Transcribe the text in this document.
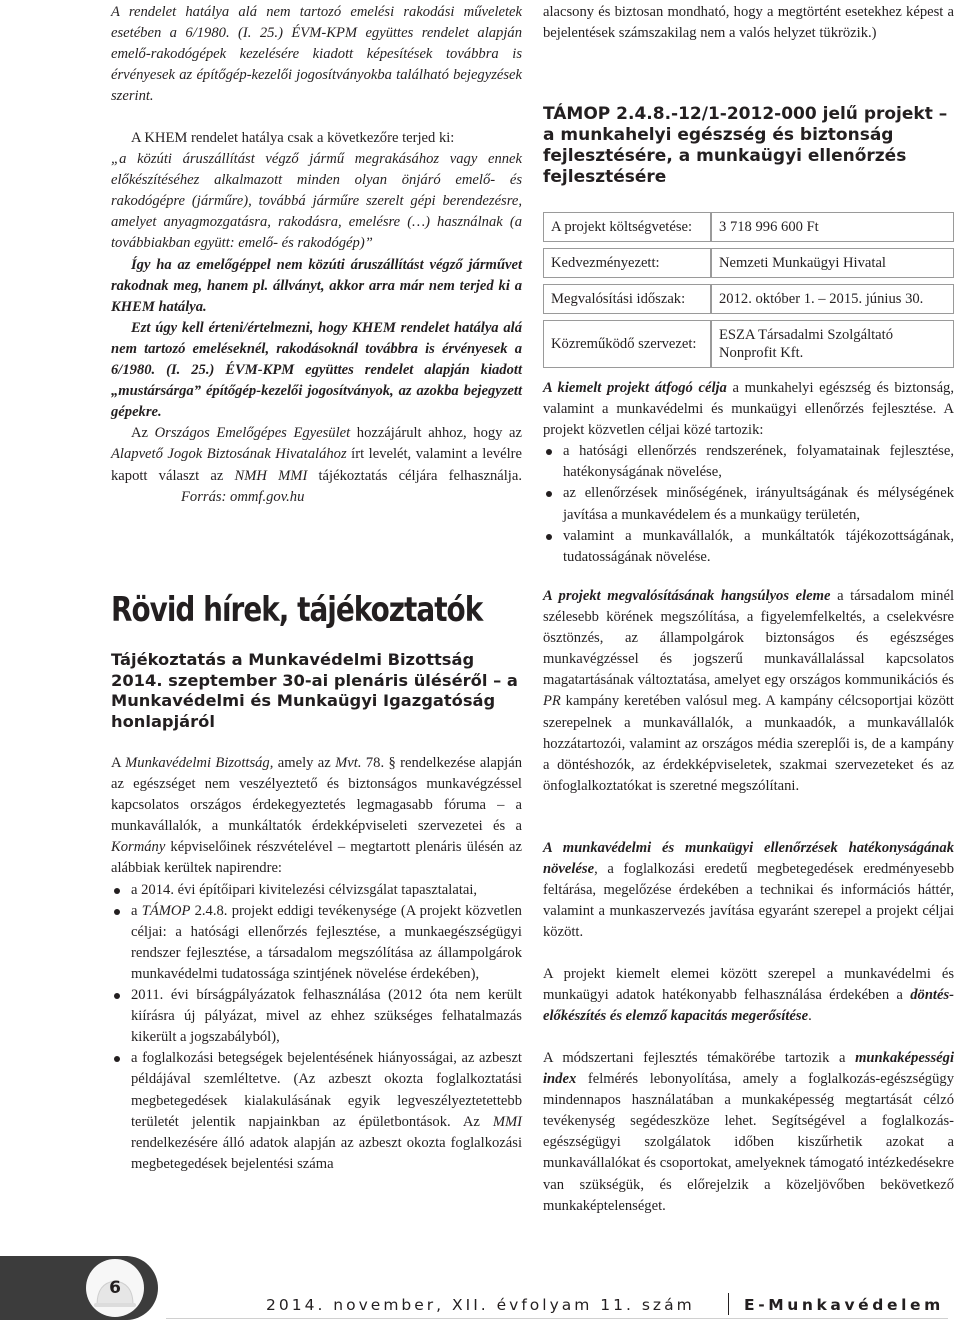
A rendelet hatálya alá nem tartozó emelési rakodási műveletek esetében a 6/1980. (I. 25.) ÉVM-KPM együttes rendelet alapján emelő-rakodógépek kezelésére kiadott képesítések továbbra is érvényesek az építőgép-kezelői jogosítványokba található bejegyzések szerint.

A KHEM rendelet hatálya csak a következőre terjed ki:

„a közúti áruszállítást végző jármű megrakásához vagy ennek előkészítéséhez alkalmazott minden olyan önjáró emelő- és rakodógépre (járműre), továbbá járműre szerelt gépi berendezésre, amelyet anyagmozgatásra, rakodásra, emelésre (…) használnak (a továbbiakban együtt: emelő- és rakodógép)”

Így ha az emelőgéppel nem közúti áruszállítást végző járművet rakodnak meg, hanem pl. állványt, akkor arra már nem terjed ki a KHEM hatálya.

Ezt úgy kell érteni/értelmezni, hogy KHEM rendelet hatálya alá nem tartozó emeléseknél, rakodásoknál továbbra is érvényesek a 6/1980. (I. 25.) ÉVM-KPM együttes rendelet alapján kiadott „mustársárga” építőgép-kezelői jogosítványok, az azokba bejegyzett gépekre.

Az Országos Emelőgépes Egyesület hozzájárult ahhoz, hogy az Alapvető Jogok Biztosának Hivatalához írt levelét, valamint a levélre kapott választ az NMH MMI tájékoztatás céljára felhasználja.Forrás: ommf.gov.hu

Rövid hírek, tájékoztatók
Tájékoztatás a Munkavédelmi Bizottság 2014. szeptember 30-ai plenáris üléséről – a Munkavédelmi és Munkaügyi Igazgatóság honlapjáról

A Munkavédelmi Bizottság, amely az Mvt. 78. § rendelkezése alapján az egészséget nem veszélyeztető és biztonságos munkavégzéssel kapcsolatos országos érdekegyeztetés legmagasabb fóruma – a munkavállalók, a munkáltatók érdekképviseleti szervezetei és a Kormány képviselőinek részvételével – megtartott plenáris ülésén az alábbiak kerültek napirendre:

a 2014. évi építőipari kivitelezési célvizsgálat tapasztalatai,
a TÁMOP 2.4.8. projekt eddigi tevékenysége (A projekt közvetlen céljai: a hatósági ellenőrzés fejlesztése, a munkaegészségügyi rendszer fejlesztése, a társadalom megszólítása az állampolgárok munkavédelmi tudatossága szintjének növelése érdekében),
2011. évi bírságpályázatok felhasználása (2012 óta nem került kiírásra új pályázat, mivel az ehhez szükséges felhatalmazás kikerült a jogszabályból),
a foglalkozási betegségek bejelentésének hiányosságai, az azbeszt példájával szemléltetve. (Az azbeszt okozta foglalkoztatási megbetegedések kialakulásának egyik legveszélyeztetettebb területét jelentik napjainkban az épületbontások. Az MMI rendelkezésére álló adatok alapján az azbeszt okozta foglalkozási megbetegedések bejelentési száma

alacsony és biztosan mondható, hogy a megtörtént esetekhez képest a bejelentések számszakilag nem a valós helyzet tükrözik.)

TÁMOP 2.4.8.-12/1-2012-000 jelű projekt – a munkahelyi egészség és biztonság fejlesztésére, a munkaügyi ellenőrzés fejlesztésére
A projekt költségvetése:	3 718 996 600 Ft
Kedvezményezett:	Nemzeti Munkaügyi Hivatal
Megvalósítási időszak:	2012. október 1. – 2015. június 30.
Közreműködő szervezet:	ESZA Társadalmi Szolgáltató Nonprofit Kft.

A kiemelt projekt átfogó célja a munkahelyi egészség és biztonság, valamint a munkavédelmi és munkaügyi ellenőrzés fejlesztése. A projekt közvetlen céljai közé tartozik:

a hatósági ellenőrzés rendszerének, folyamatainak fejlesztése, hatékonyságának növelése,
az ellenőrzések minőségének, irányultságának és mélységének javítása a munkavédelem és a munkaügy területén,
valamint a munkavállalók, a munkáltatók tájékozottságának, tudatosságának növelése.

A projekt megvalósításának hangsúlyos eleme a társadalom minél szélesebb körének megszólítása, a figyelemfelkeltés, a cselekvésre ösztönzés, az állampolgárok biztonságos és egészséges munkavégzéssel és jogszerű munkavállalással kapcsolatos magatartásának változtatása, amelyet egy országos kommunikációs és PR kampány keretében valósul meg. A kampány célcsoportjai között szerepelnek a munkavállalók, a munkaadók, a munkavállalók hozzátartozói, valamint az országos média szereplői is, de a kampány a döntéshozók, az érdekképviseletek, szakmai szervezeteket és az önfoglalkoztatókat is szeretné megszólítani.

A munkavédelmi és munkaügyi ellenőrzések hatékonyságának növelése, a foglalkozási eredetű megbetegedések eredményesebb feltárása, megelőzése érdekében a technikai és információs háttér, valamint a munkaszervezés javítása egyaránt szerepel a projekt céljai között.

A projekt kiemelt elemei között szerepel a munkavédelmi és munkaügyi adatok hatékonyabb felhasználása érdekében a döntés-előkészítés és elemző kapacitás megerősítése.

A módszertani fejlesztés témakörébe tartozik a munkaképességi index felmérés lebonyolítása, amely a foglalkozás-egészségügy mindennapos használatában a munkaképesség megtartását célzó tevékenység segédeszköze lehet. Segítségével a foglalkozás-egészségügyi szolgálatok időben kiszűrhetik azokat a munkavállalókat és csoportokat, amelyeknek támogató intézkedésekre van szükségük, és előrejelzik a közeljövőben bekövetkező munkaképtelenséget.

6
2014. november, XII. évfolyam 11. szám	E-Munkavédelem
